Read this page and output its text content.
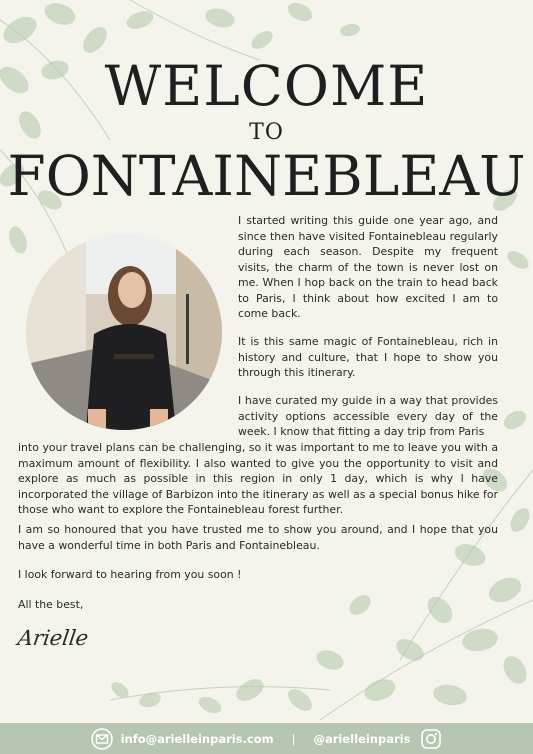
WELCOME
TO
FONTAINEBLEAU
I started writing this guide one year ago, and since then have visited Fontainebleau regularly during each season. Despite my frequent visits, the charm of the town is never lost on me. When I hop back on the train to head back to Paris, I think about how excited I am to come back.
It is this same magic of Fontainebleau, rich in history and culture, that I hope to show you through this itinerary.
I have curated my guide in a way that provides activity options accessible every day of the week. I know that fitting a day trip from Paris
into your travel plans can be challenging, so it was important to me to leave you with a maximum amount of flexibility. I also wanted to give you the opportunity to visit and explore as much as possible in this region in only 1 day, which is why I have incorporated the village of Barbizon into the itinerary as well as a special bonus hike for those who want to explore the Fontainebleau forest further.
I am so honoured that you have trusted me to show you around, and I hope that you have a wonderful time in both Paris and Fontainebleau.
I look forward to hearing from you soon !
All the best,
Arielle
info@arielleinparis.com | @arielleinparis
